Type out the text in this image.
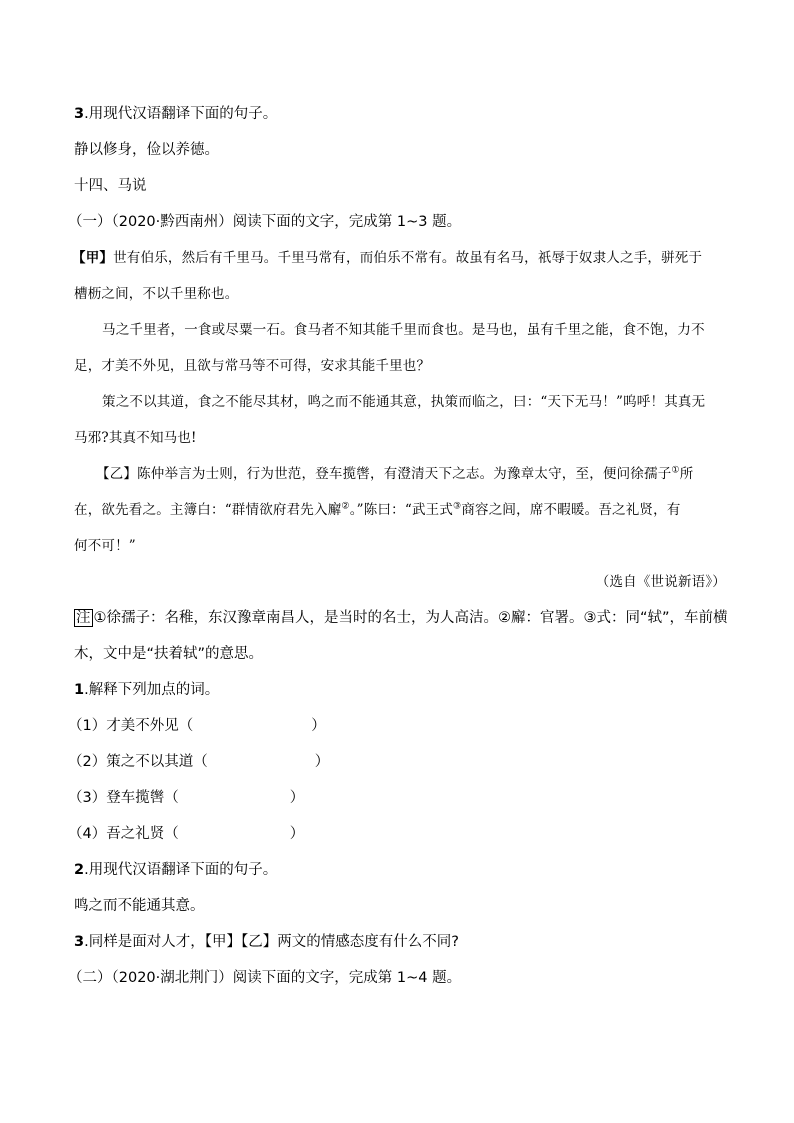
3.用现代汉语翻译下面的句子。
静以修身，俭以养德。
十四、马说
（一）（2020·黔西南州）阅读下面的文字，完成第 1~3 题。
【甲】世有伯乐，然后有千里马。千里马常有，而伯乐不常有。故虽有名马，祇辱于奴隶人之手，骈死于
槽枥之间，不以千里称也。
马之千里者，一食或尽粟一石。食马者不知其能千里而食也。是马也，虽有千里之能，食不饱，力不
足，才美不外见，且欲与常马等不可得，安求其能千里也？
策之不以其道，食之不能尽其材，鸣之而不能通其意，执策而临之，曰：“天下无马！”呜呼！其真无
马邪?其真不知马也!
【乙】陈仲举言为士则，行为世范，登车揽辔，有澄清天下之志。为豫章太守，至，便问徐孺子①所
在，欲先看之。主簿白：“群情欲府君先入廨②。”陈曰：“武王式③商容之闾，席不暇暖。吾之礼贤，有
何不可！”
（选自《世说新语》）
注 ①徐孺子：名稚，东汉豫章南昌人，是当时的名士，为人高洁。②廨：官署。③式：同“轼”，车前横
木，文中是“扶着轼”的意思。
1.解释下列加点的词。
（1）才美不外见（	）
（2）策之不以其道（	）
（3）登车揽辔（	）
（4）吾之礼贤（	）
2.用现代汉语翻译下面的句子。
鸣之而不能通其意。
3.同样是面对人才，【甲】【乙】两文的情感态度有什么不同?
（二）（2020·湖北荆门）阅读下面的文字，完成第 1~4 题。
